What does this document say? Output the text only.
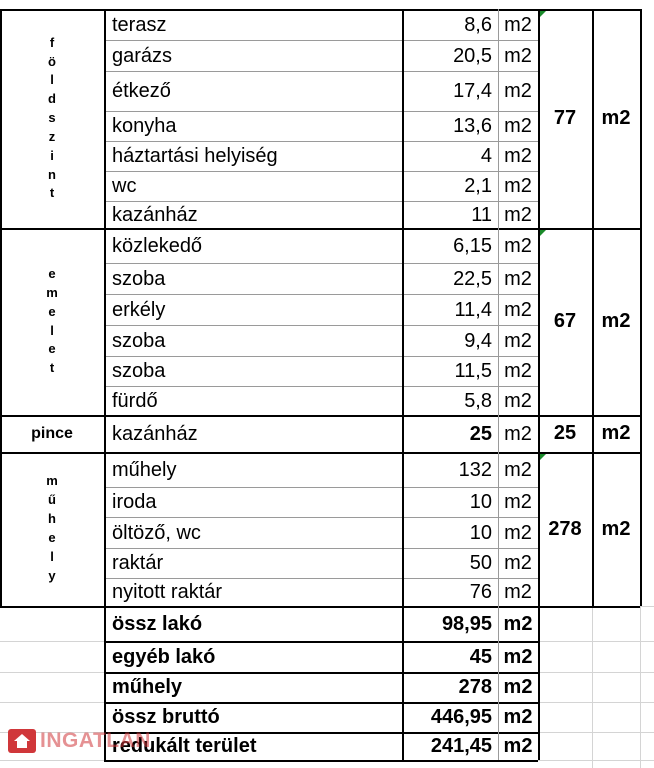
f
ö
l
d
s
z
i
n
t
terasz	8,6 m2
garázs	20,5 m2
étkező	17,4 m2
konyha	13,6 m2
háztartási helyiség	4 m2
wc	2,1 m2
kazánház	11 m2
77	m2
e
m
e
l
e
t
közlekedő	6,15 m2
szoba	22,5 m2
erkély	11,4 m2
szoba	9,4 m2
szoba	11,5 m2
fürdő	5,8 m2
67	m2
pince	kazánház	25 m2	25	m2
m
ű
h
e
l
y
műhely	132 m2
iroda	10 m2
öltöző, wc	10 m2
raktár	50 m2
nyitott raktár	76 m2
278 m2
össz lakó	98,95 m2
egyéb lakó	45 m2
műhely	278 m2
össz bruttó	446,95 m2
redukált terület	241,45 m2
INGATLAN
